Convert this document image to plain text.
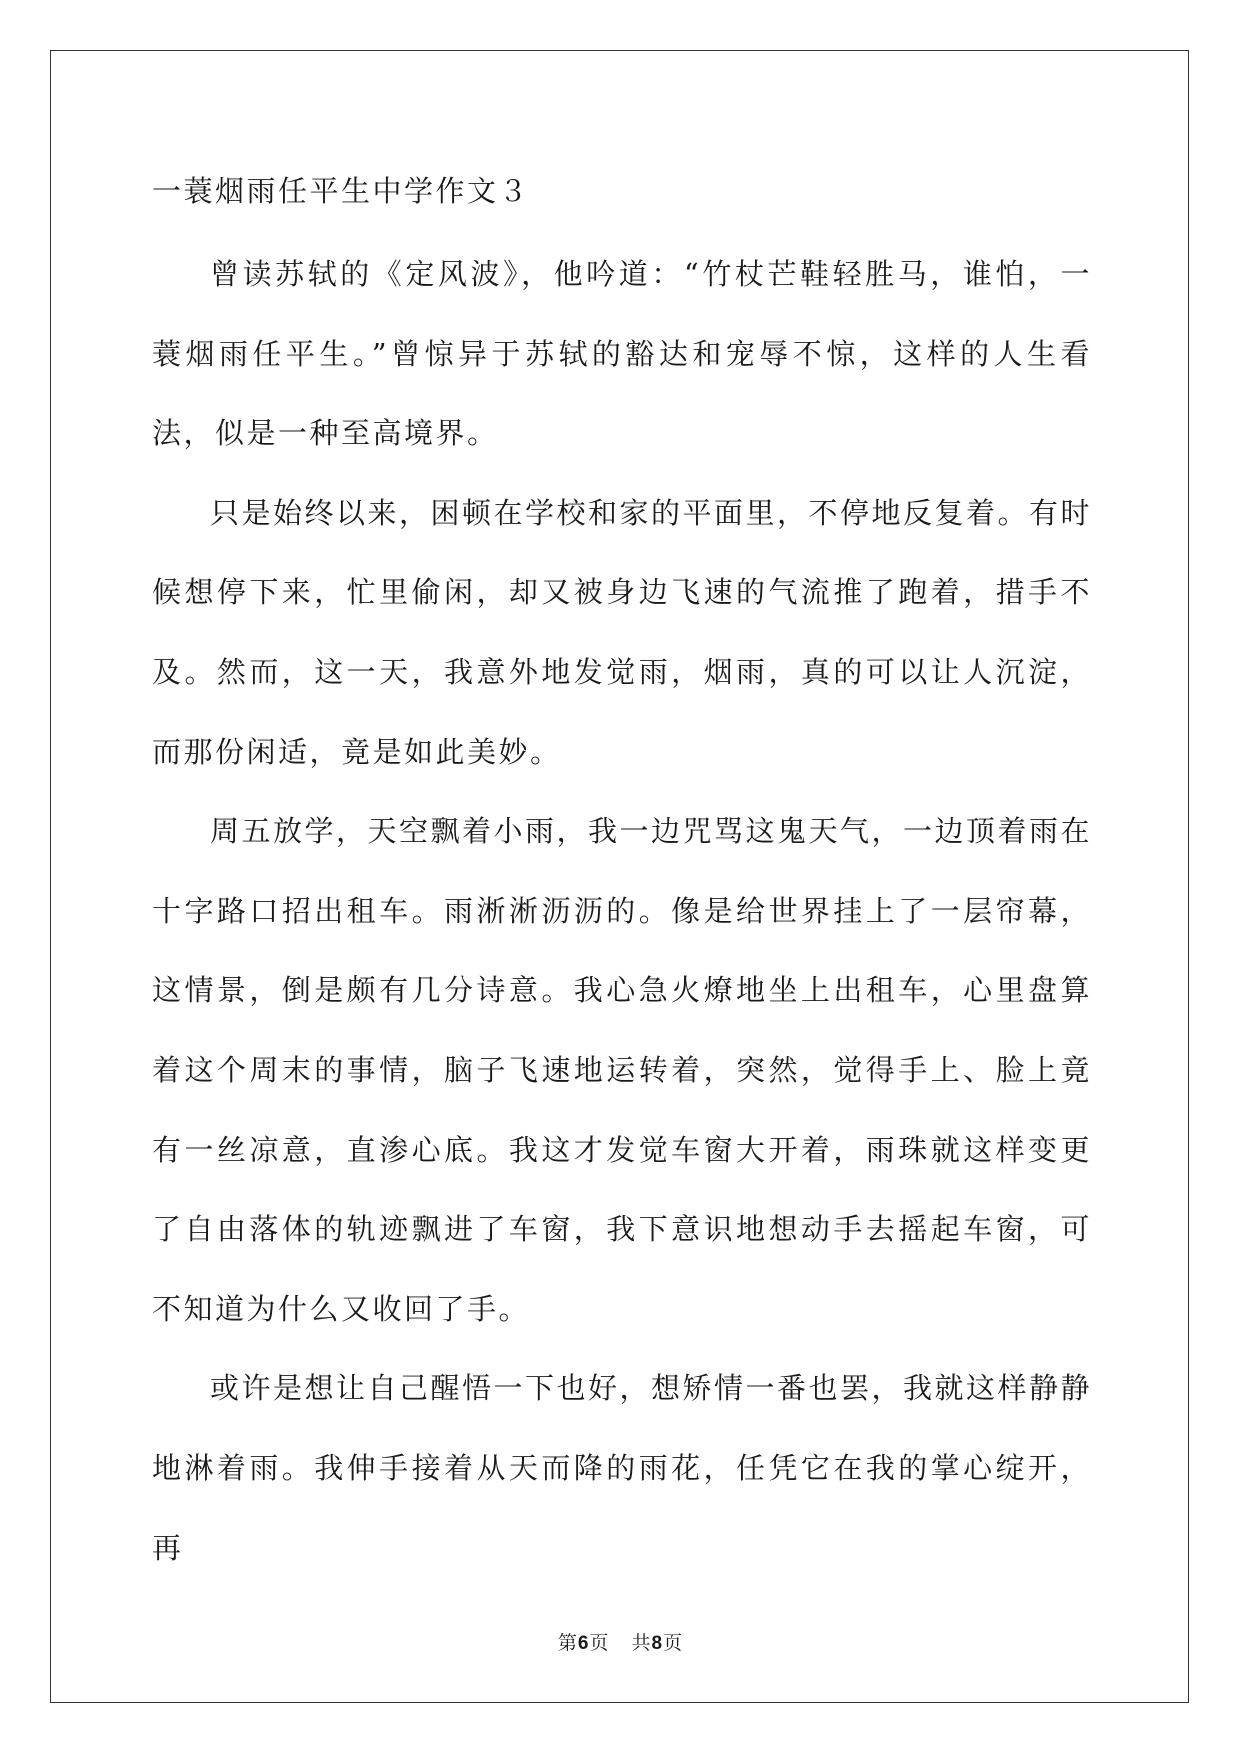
一蓑烟雨任平生中学作文３

曾读苏轼的《定风波》，他吟道：“竹杖芒鞋轻胜马，谁怕，一蓑烟雨任平生。”曾惊异于苏轼的豁达和宠辱不惊，这样的人生看法，似是一种至高境界。

只是始终以来，困顿在学校和家的平面里，不停地反复着。有时候想停下来，忙里偷闲，却又被身边飞速的气流推了跑着，措手不及。然而，这一天，我意外地发觉雨，烟雨，真的可以让人沉淀，而那份闲适，竟是如此美妙。

周五放学，天空飘着小雨，我一边咒骂这鬼天气，一边顶着雨在十字路口招出租车。雨淅淅沥沥的。像是给世界挂上了一层帘幕，这情景，倒是颇有几分诗意。我心急火燎地坐上出租车，心里盘算着这个周末的事情，脑子飞速地运转着，突然，觉得手上、脸上竟有一丝凉意，直渗心底。我这才发觉车窗大开着，雨珠就这样变更了自由落体的轨迹飘进了车窗，我下意识地想动手去摇起车窗，可不知道为什么又收回了手。

或许是想让自己醒悟一下也好，想矫情一番也罢，我就这样静静地淋着雨。我伸手接着从天而降的雨花，任凭它在我的掌心绽开，再

第6页 共8页
